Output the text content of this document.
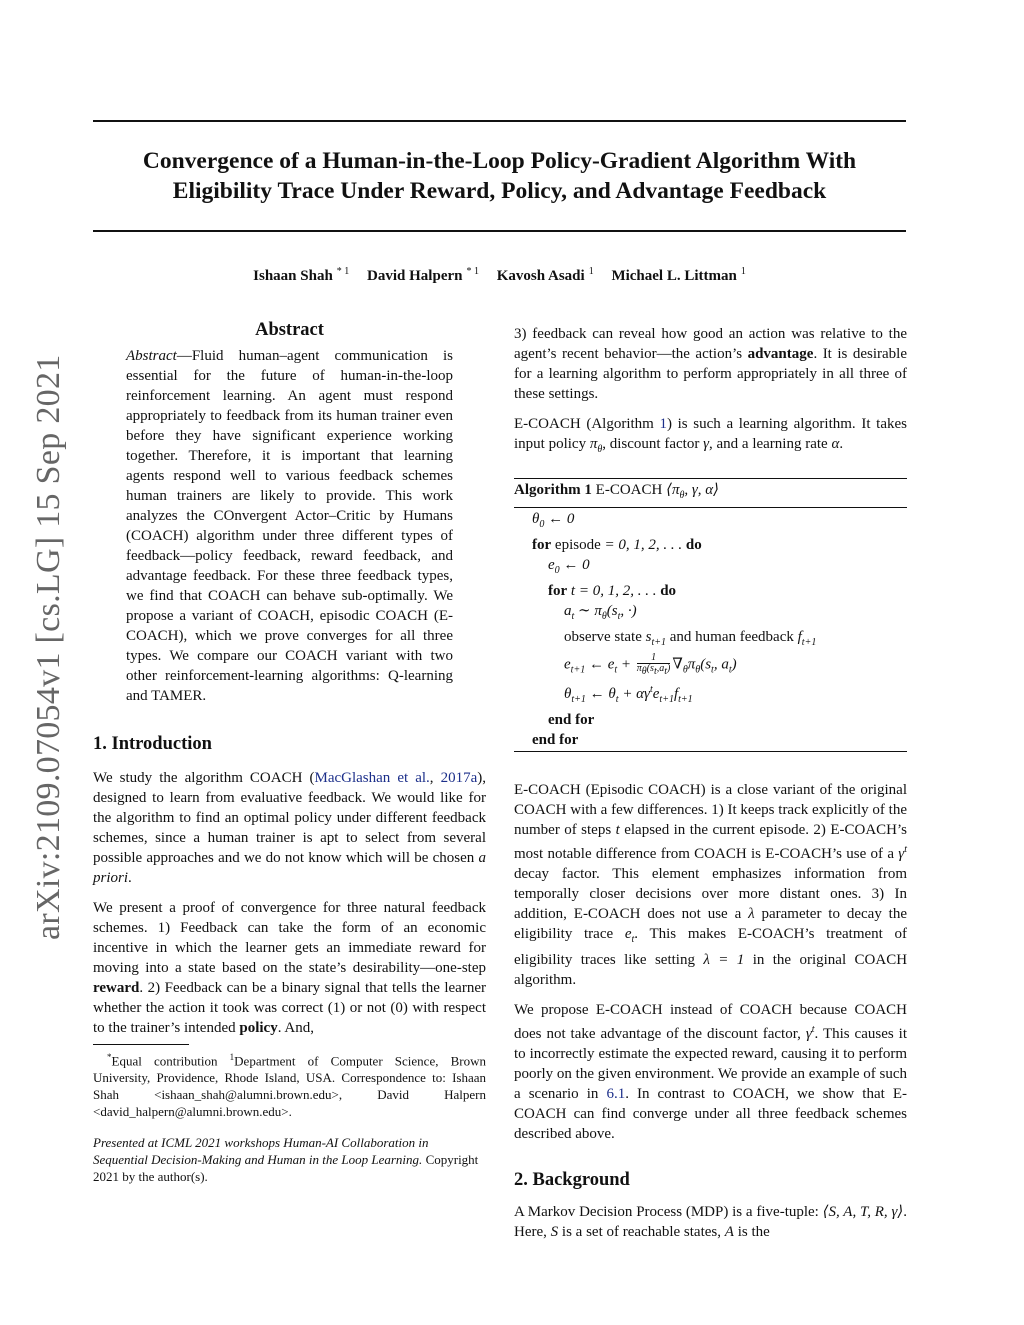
Convergence of a Human-in-the-Loop Policy-Gradient Algorithm With
Eligibility Trace Under Reward, Policy, and Advantage Feedback
Ishaan Shah $^{* 1}$ David Halpern $^{* 1}$ Kavosh Asadi $^1$ Michael L. Littman $^1$
arXiv:2109.07054v1 [cs.LG] 15 Sep 2021
Abstract

Abstract—Fluid human–agent communication is essential for the future of human-in-the-loop reinforcement learning. An agent must respond appropriately to feedback from its human trainer even before they have significant experience working together. Therefore, it is important that learning agents respond well to various feedback schemes human trainers are likely to provide. This work analyzes the COnvergent Actor–Critic by Humans (COACH) algorithm under three different types of feedback—policy feedback, reward feedback, and advantage feedback. For these three feedback types, we find that COACH can behave sub-optimally. We propose a variant of COACH, episodic COACH (E-COACH), which we prove converges for all three types. We compare our COACH variant with two other reinforcement-learning algorithms: Q-learning and TAMER.

1. Introduction

We study the algorithm COACH (MacGlashan et al., 2017a), designed to learn from evaluative feedback. We would like for the algorithm to find an optimal policy under different feedback schemes, since a human trainer is apt to select from several possible approaches and we do not know which will be chosen a priori.

We present a proof of convergence for three natural feedback schemes. 1) Feedback can take the form of an economic incentive in which the learner gets an immediate reward for moving into a state based on the state’s desirability—one-step reward. 2) Feedback can be a binary signal that tells the learner whether the action it took was correct (1) or not (0) with respect to the trainer’s intended policy. And,

*Equal contribution $^1$Department of Computer Science, Brown University, Providence, Rhode Island, USA. Correspondence to: Ishaan Shah <ishaan_shah@alumni.brown.edu>, David Halpern <david_halpern@alumni.brown.edu>.

Presented at ICML 2021 workshops Human-AI Collaboration in Sequential Decision-Making and Human in the Loop Learning. Copyright 2021 by the author(s).

3) feedback can reveal how good an action was relative to the agent’s recent behavior—the action’s advantage. It is desirable for a learning algorithm to perform appropriately in all three of these settings.

E-COACH (Algorithm 1) is such a learning algorithm. It takes input policy $\pi_\theta$, discount factor γ, and a learning rate α.

Algorithm 1 E-COACH $⟨\pi_\theta$, γ, α⟩
$\theta_0$ ← 0
for episode = 0, 1, 2, . . . do
$e_0$ ← 0
for t = 0, 1, 2, . . . do
$a_t$ ∼ $\pi_\theta(s_t$, ·)
observe state $s_{t+1}$ and human feedback $f_{t+1}$
$e_{t+1}$ ← $e_t + \frac{1}{\pi_\theta(s_t,a_t)} \nabla_\theta\pi_\theta(s_t$, $a_t$)
$\theta_{t+1}$ ← $\theta_t + \alpha\gamma^te_{t+1}f_{t+1}$
end for
end for

E-COACH (Episodic COACH) is a close variant of the original COACH with a few differences. 1) It keeps track explicitly of the number of steps t elapsed in the current episode. 2) E-COACH’s most notable difference from COACH is E-COACH’s use of a $\gamma^t$ decay factor. This element emphasizes information from temporally closer decisions over more distant ones. 3) In addition, E-COACH does not use a λ parameter to decay the eligibility trace $e_t$. This makes E-COACH’s treatment of eligibility traces like setting λ = 1 in the original COACH algorithm.

We propose E-COACH instead of COACH because COACH does not take advantage of the discount factor, $\gamma^t$. This causes it to incorrectly estimate the expected reward, causing it to perform poorly on the given environment. We provide an example of such a scenario in 6.1. In contrast to COACH, we show that E-COACH can find converge under all three feedback schemes described above.

2. Background

A Markov Decision Process (MDP) is a five-tuple: ⟨S, A, T, R, γ⟩. Here, S is a set of reachable states, A is the
